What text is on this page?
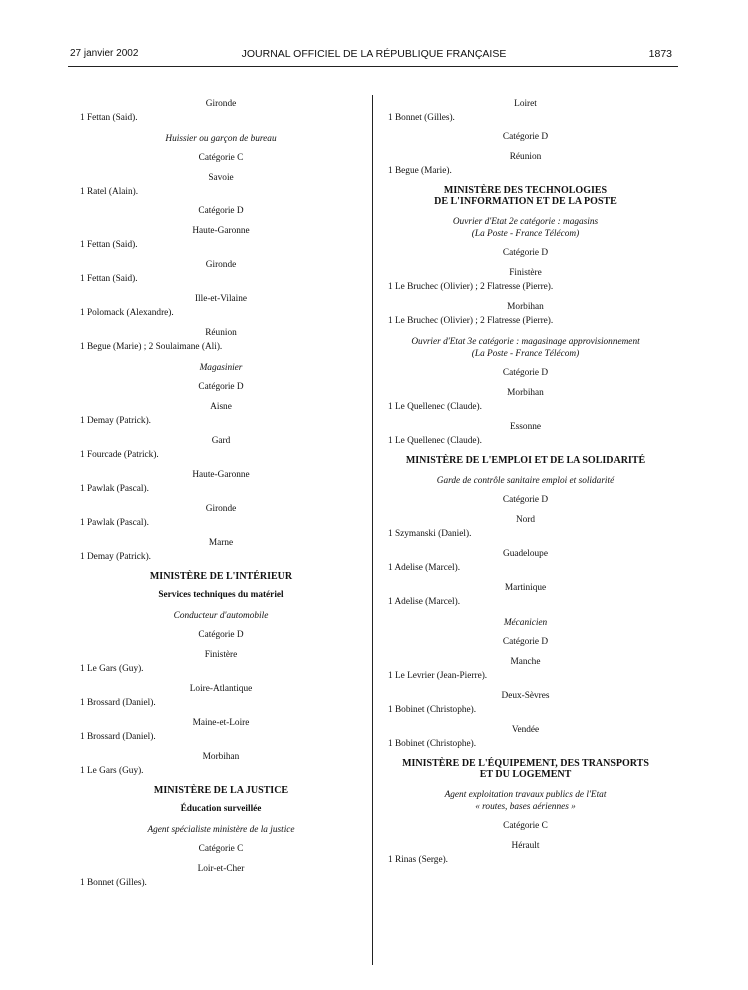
27 janvier 2002	JOURNAL OFFICIEL DE LA RÉPUBLIQUE FRANÇAISE	1873
Gironde
1 Fettan (Said).
Huissier ou garçon de bureau
Catégorie C
Savoie
1 Ratel (Alain).
Catégorie D
Haute-Garonne
1 Fettan (Said).
Gironde
1 Fettan (Said).
Ille-et-Vilaine
1 Polomack (Alexandre).
Réunion
1 Begue (Marie) ; 2 Soulaimane (Ali).
Magasinier
Catégorie D
Aisne
1 Demay (Patrick).
Gard
1 Fourcade (Patrick).
Haute-Garonne
1 Pawlak (Pascal).
Gironde
1 Pawlak (Pascal).
Marne
1 Demay (Patrick).
MINISTÈRE DE L'INTÉRIEUR
Services techniques du matériel
Conducteur d'automobile
Catégorie D
Finistère
1 Le Gars (Guy).
Loire-Atlantique
1 Brossard (Daniel).
Maine-et-Loire
1 Brossard (Daniel).
Morbihan
1 Le Gars (Guy).
MINISTÈRE DE LA JUSTICE
Éducation surveillée
Agent spécialiste ministère de la justice
Catégorie C
Loir-et-Cher
1 Bonnet (Gilles).
Loiret
1 Bonnet (Gilles).
Catégorie D
Réunion
1 Begue (Marie).
MINISTÈRE DES TECHNOLOGIES
DE L'INFORMATION ET DE LA POSTE
Ouvrier d'Etat 2e catégorie : magasins
(La Poste - France Télécom)
Catégorie D
Finistère
1 Le Bruchec (Olivier) ; 2 Flatresse (Pierre).
Morbihan
1 Le Bruchec (Olivier) ; 2 Flatresse (Pierre).
Ouvrier d'Etat 3e catégorie : magasinage approvisionnement
(La Poste - France Télécom)
Catégorie D
Morbihan
1 Le Quellenec (Claude).
Essonne
1 Le Quellenec (Claude).
MINISTÈRE DE L'EMPLOI ET DE LA SOLIDARITÉ
Garde de contrôle sanitaire emploi et solidarité
Catégorie D
Nord
1 Szymanski (Daniel).
Guadeloupe
1 Adelise (Marcel).
Martinique
1 Adelise (Marcel).
Mécanicien
Catégorie D
Manche
1 Le Levrier (Jean-Pierre).
Deux-Sèvres
1 Bobinet (Christophe).
Vendée
1 Bobinet (Christophe).
MINISTÈRE DE L'ÉQUIPEMENT, DES TRANSPORTS
ET DU LOGEMENT
Agent exploitation travaux publics de l'Etat
« routes, bases aériennes »
Catégorie C
Hérault
1 Rinas (Serge).
